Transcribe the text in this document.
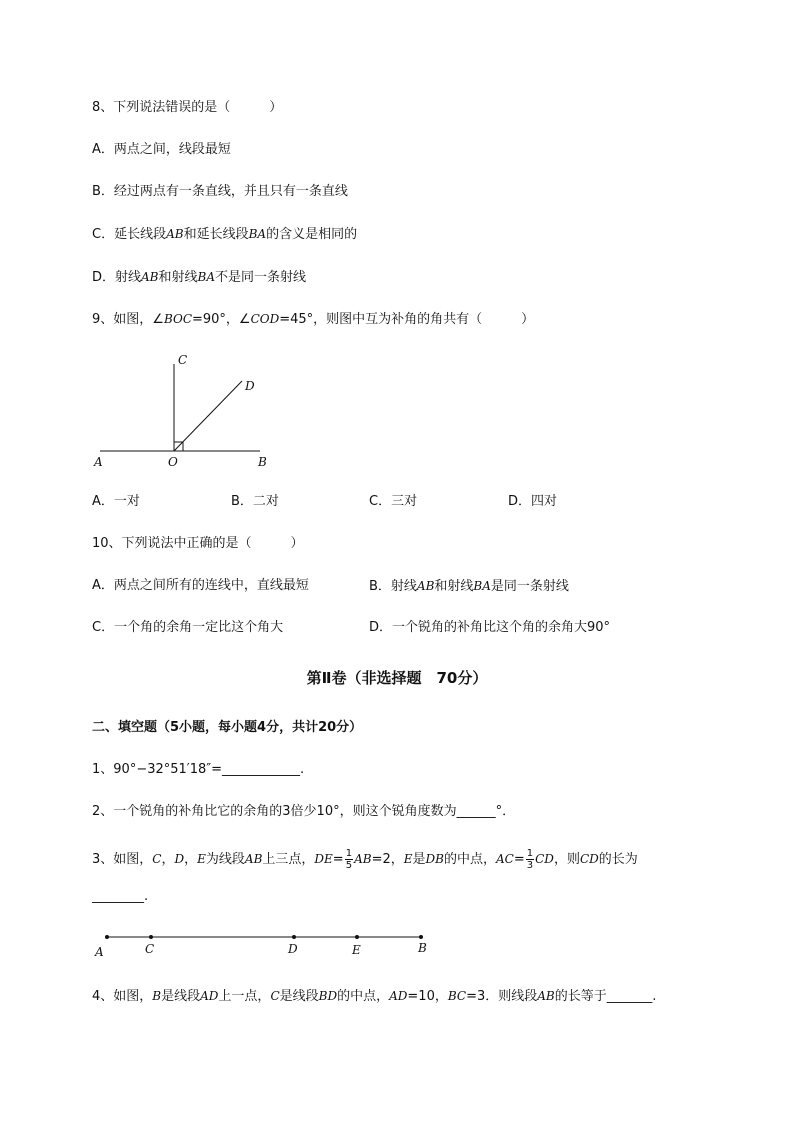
8、下列说法错误的是（　　　）
A．两点之间，线段最短
B．经过两点有一条直线，并且只有一条直线
C．延长线段AB和延长线段BA的含义是相同的
D．射线AB和射线BA不是同一条射线
9、如图，∠BOC=90°，∠COD=45°，则图中互为补角的角共有（　　　）
A	O	B
C
D
A．一对	B．二对	C．三对	D．四对
10、下列说法中正确的是（　　　）
A．两点之间所有的连线中，直线最短	B．射线AB和射线BA是同一条射线
C．一个角的余角一定比这个角大	D．一个锐角的补角比这个角的余角大90°
第Ⅱ卷（非选择题　70分）
二、填空题（5小题，每小题4分，共计20分）
1、90°−32°51′18″=____________.
2、一个锐角的补角比它的余角的3倍少10°，则这个锐角度数为______°．
3、如图，C，D，E为线段AB上三点，$DE= \frac{1}{5} AB=2$，E是DB的中点，$AC= \frac{1}{3}$ CD，则CD的长为
________.
A	C	D	E	B
4、如图，B是线段AD上一点，C是线段BD的中点，AD=10，BC=3．则线段AB的长等于_______.
